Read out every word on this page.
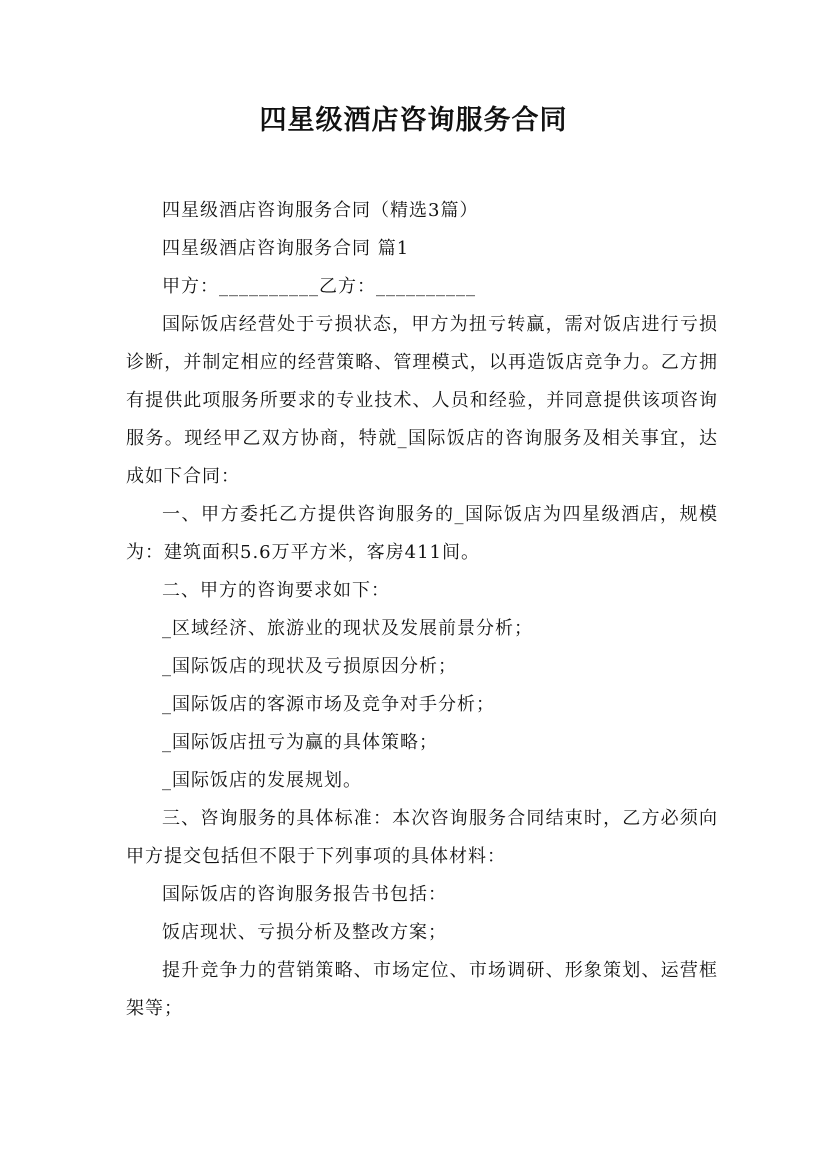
四星级酒店咨询服务合同

四星级酒店咨询服务合同（精选3篇）

四星级酒店咨询服务合同 篇1

甲方：__________乙方：__________

国际饭店经营处于亏损状态，甲方为扭亏转赢，需对饭店进行亏损诊断，并制定相应的经营策略、管理模式，以再造饭店竞争力。乙方拥有提供此项服务所要求的专业技术、人员和经验，并同意提供该项咨询服务。现经甲乙双方协商，特就_国际饭店的咨询服务及相关事宜，达成如下合同：

一、甲方委托乙方提供咨询服务的_国际饭店为四星级酒店，规模为：建筑面积5.6万平方米，客房411间。

二、甲方的咨询要求如下：

_区域经济、旅游业的现状及发展前景分析；

_国际饭店的现状及亏损原因分析；

_国际饭店的客源市场及竞争对手分析；

_国际饭店扭亏为赢的具体策略；

_国际饭店的发展规划。

三、咨询服务的具体标准：本次咨询服务合同结束时，乙方必须向甲方提交包括但不限于下列事项的具体材料：

国际饭店的咨询服务报告书包括：

饭店现状、亏损分析及整改方案；

提升竞争力的营销策略、市场定位、市场调研、形象策划、运营框架等；
